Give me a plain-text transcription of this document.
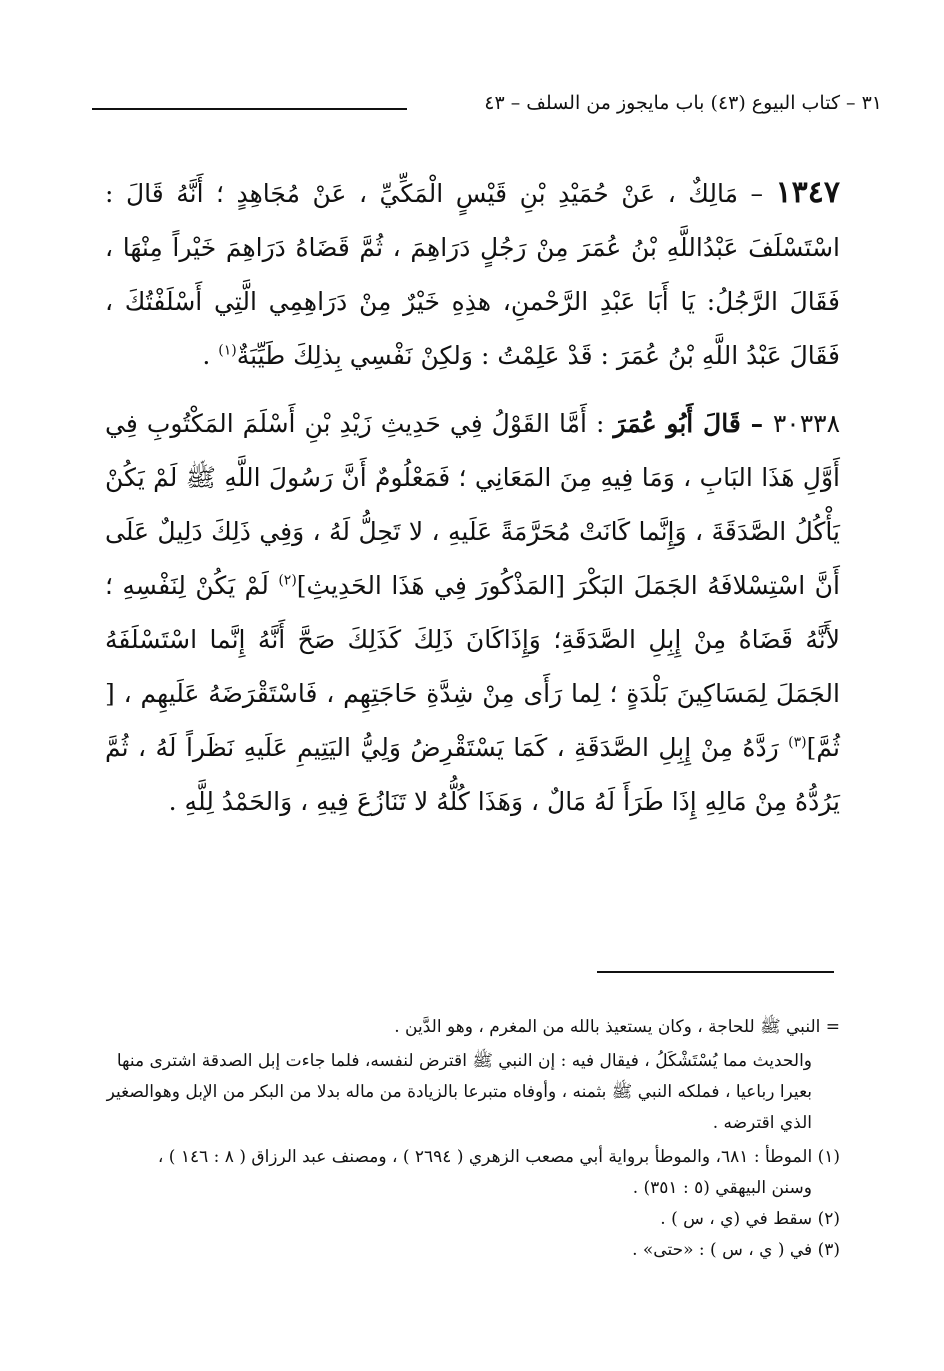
٣١ – كتاب البيوع (٤٣) باب مايجوز من السلف – ٤٣

١٣٤٧ – مَالِكٌ ، عَنْ حُمَيْدِ بْنِ قَيْسٍ الْمَكِّيِّ ، عَنْ مُجَاهِدٍ ؛ أَنَّهُ قَالَ : اسْتَسْلَفَ عَبْدُاللَّهِ بْنُ عُمَرَ مِنْ رَجُلٍ دَرَاهِمَ ، ثُمَّ قَضَاهُ دَرَاهِمَ خَيْراً مِنْهَا ، فَقَالَ الرَّجُلُ: يَا أَبَا عَبْدِ الرَّحْمنِ، هذِهِ خَيْرٌ مِنْ دَرَاهِمِي الَّتِي أَسْلَفْتُكَ ، فَقَالَ عَبْدُ اللَّهِ بْنُ عُمَرَ : قَدْ عَلِمْتُ : وَلكِنْ نَفْسِي بِذلِكَ طَيِّبَةٌ$^{(١)}$ .

٣٠٣٣٨ – قَالَ أَبُو عُمَرَ : أَمَّا القَوْلُ فِي حَدِيثِ زَيْدِ بْنِ أَسْلَمَ المَكْتُوبِ فِي أَوَّلِ هَذَا البَابِ ، وَمَا فِيهِ مِنَ المَعَانِي ؛ فَمَعْلُومٌ أَنَّ رَسُولَ اللَّهِ ﷺ لَمْ يَكُنْ يَأْكُلُ الصَّدَقَةَ ، وَإِنَّما كَانَتْ مُحَرَّمَةً عَلَيهِ ، لا تَحِلُّ لَهُ ، وَفِي ذَلِكَ دَلِيلٌ عَلَى أَنَّ اسْتِسْلافَهُ الجَمَلَ البَكْرَ [المَذْكُورَ فِي هَذَا الحَدِيثِ]$^{(٢)}$ لَمْ يَكُنْ لِنَفْسِهِ ؛ لأَنَّهُ قَضَاهُ مِنْ إِبِلِ الصَّدَقَةِ؛ وَإِذَاكَانَ ذَلِكَ كَذَلِكَ صَحَّ أَنَّهُ إِنَّما اسْتَسْلَفَهُ الجَمَلَ لِمَسَاكِينَ بَلْدَةٍ ؛ لِما رَأَى مِنْ شِدَّةِ حَاجَتِهِم ، فَاسْتَقْرَضَهُ عَلَيهِم ، [ ثُمَّ]$^{(٣)}$ رَدَّهُ مِنْ إِبِلِ الصَّدَقَةِ ، كَمَا يَسْتَقْرِضُ وَلِيُّ اليَتِيمِ عَلَيهِ نَظَراً لَهُ ، ثُمَّ يَرُدُّهُ مِنْ مَالِهِ إِذَا طَرَأَ لَهُ مَالٌ ، وَهَذَا كُلُّهُ لا تَنَازُعَ فِيهِ ، وَالحَمْدُ لِلَّهِ .

= النبي ﷺ للحاجة ، وكان يستعيذ بالله من المغرم ، وهو الدَّين .

والحديث مما يُسْتَشْكَلُ ، فيقال فيه : إن النبي ﷺ اقترض لنفسه، فلما جاءت إبل الصدقة اشترى منها بعيرا رباعيا ، فملكه النبي ﷺ بثمنه ، وأوفاه متبرعا بالزيادة من ماله بدلا من البكر من الإبل وهوالصغير الذي اقترضه .

(١) الموطأ : ٦٨١، والموطأ برواية أبي مصعب الزهري ( ٢٦٩٤ ) ، ومصنف عبد الرزاق ( ٨ : ١٤٦ ) ،

وسنن البيهقي (٥ : ٣٥١) .

(٢) سقط في (ي ، س ) .

(٣) في ( ي ، س ) : «حتى» .
